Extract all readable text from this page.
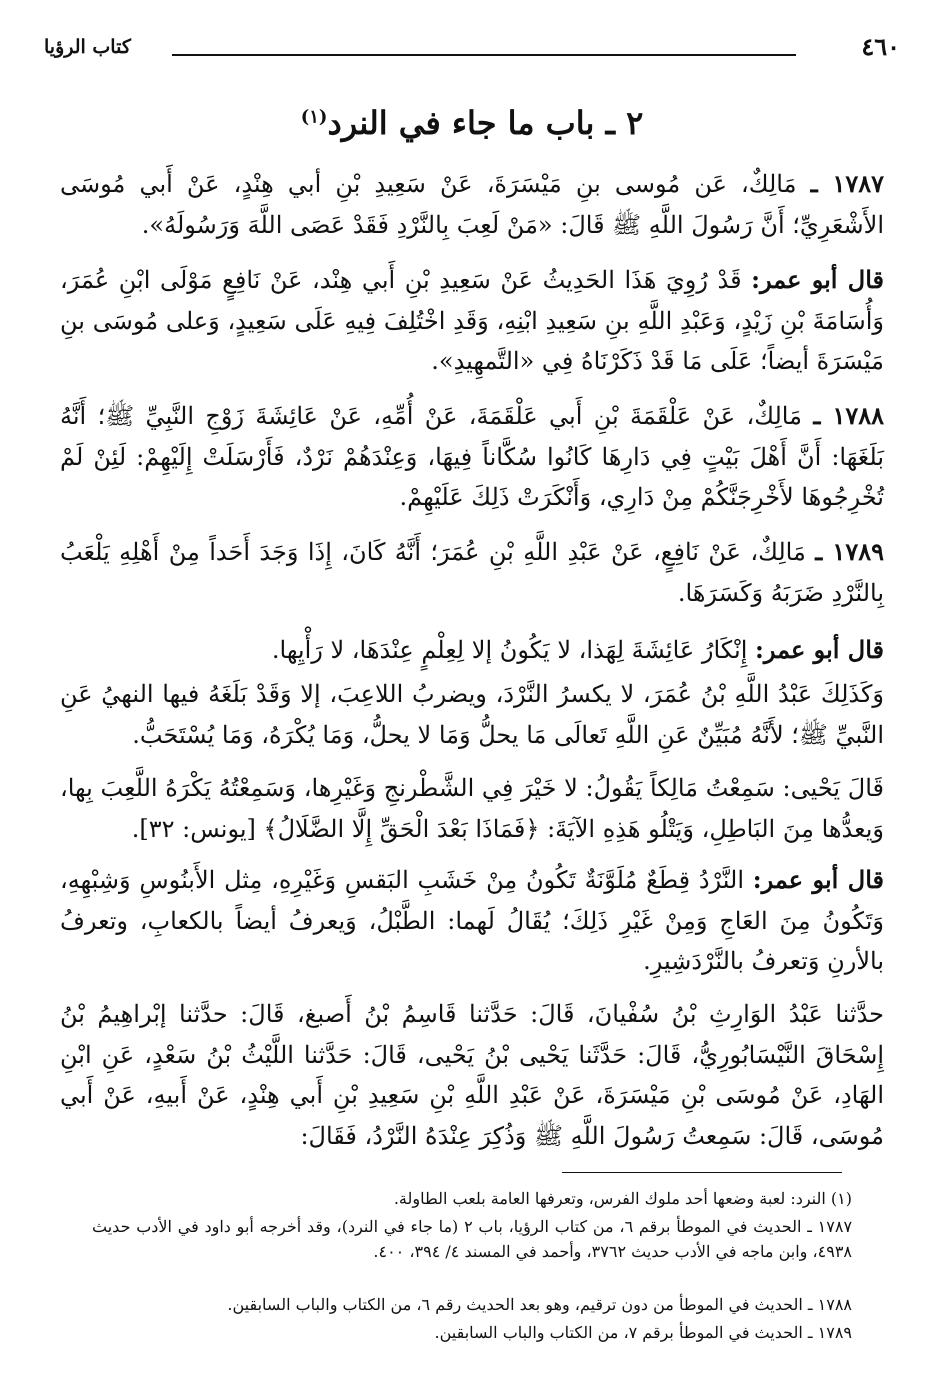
٤٦٠
كتاب الرؤيا
٢ ـ باب ما جاء في النرد$^{(١)}$
١٧٨٧ ـ مَالِكٌ، عَن مُوسى بنِ مَيْسَرَةَ، عَنْ سَعِيدِ بْنِ أبي هِنْدٍ، عَنْ أَبي مُوسَى الأَشْعَرِيِّ؛ أَنَّ رَسُولَ اللَّهِ ﷺ قَالَ: «مَنْ لَعِبَ بِالنَّرْدِ فَقَدْ عَصَى اللَّهَ وَرَسُولَهُ».
قال أبو عمر: قَدْ رُوِيَ هَذَا الحَدِيثُ عَنْ سَعِيدِ بْنِ أَبي هِنْد، عَنْ نَافِعٍ مَوْلَى ابْنِ عُمَرَ، وَأُسَامَةَ بْنِ زَيْدٍ، وَعَبْدِ اللَّهِ بنِ سَعِيدِ ابْنِهِ، وَقَدِ اخْتُلِفَ فِيهِ عَلَى سَعِيدٍ، وَعلى مُوسَى بنِ مَيْسَرَةَ أيضاً؛ عَلَى مَا قَدْ ذَكَرْنَاهُ فِي «التَّمهِيدِ».
١٧٨٨ ـ مَالِكٌ، عَنْ عَلْقَمَةَ بْنِ أَبي عَلْقَمَةَ، عَنْ أُمِّهِ، عَنْ عَائِشَةَ زَوْجِ النَّبِيِّ ﷺ؛ أَنَّهُ بَلَغَهَا: أَنَّ أَهْلَ بَيْتٍ فِي دَارِهَا كَانُوا سُكَّاناً فِيهَا، وَعِنْدَهُمْ نَرْدٌ، فَأَرْسَلَتْ إِلَيْهِمْ: لَئِنْ لَمْ تُخْرِجُوهَا لأَخْرِجَنَّكُمْ مِنْ دَارِي، وَأَنْكَرَتْ ذَلِكَ عَلَيْهِمْ.
١٧٨٩ ـ مَالِكٌ، عَنْ نَافِعٍ، عَنْ عَبْدِ اللَّهِ بْنِ عُمَرَ؛ أَنَّهُ كَانَ، إِذَا وَجَدَ أَحَداً مِنْ أَهْلِهِ يَلْعَبُ بِالنَّرْدِ ضَرَبَهُ وَكَسَرَهَا.
قال أبو عمر: إِنْكَارُ عَائِشَةَ لِهَذا، لا يَكُونُ إلا لِعِلْمٍ عِنْدَهَا، لا رَأْيِها.
وَكَذَلِكَ عَبْدُ اللَّهِ بْنُ عُمَرَ، لا يكسرُ النَّرْدَ، ويضربُ اللاعِبَ، إلا وَقَدْ بَلَغَهُ فيها النهيُ عَنِ النَّبيِّ ﷺ؛ لأَنَّهُ مُبَيِّنٌ عَنِ اللَّهِ تَعالَى مَا يحلُّ وَمَا لا يحلُّ، وَمَا يُكْرَهُ، وَمَا يُسْتَحَبُّ.
قَالَ يَحْيى: سَمِعْتُ مَالِكاً يَقُولُ: لا خَيْرَ فِي الشَّطْرنجِ وَغَيْرِها، وَسَمِعْتُهُ يَكْرَهُ اللَّعِبَ بِها، وَيعدُّها مِنَ البَاطِلِ، وَيَتْلُو هَذِهِ الآيَةَ: ﴿فَمَاذَا بَعْدَ الْحَقِّ إِلَّا الضَّلَالُ﴾ [يونس: ٣٢].
قال أبو عمر: النَّرْدُ قِطَعٌ مُلَوَّنَةٌ تَكُونُ مِنْ خَشَبِ البَقسِ وَغَيْرِهِ، مِثل الأَبنُوسِ وَشِبْهِهِ، وَتَكُونُ مِنَ العَاجِ وَمِنْ غَيْرِ ذَلِكَ؛ يُقَالُ لَهما: الطَّبْلُ، وَيعرفُ أيضاً بالكعابِ، وتعرفُ بالأرنِ وَتعرفُ بالنَّرْدَشِيرِ.
حدَّثنا عَبْدُ الوَارِثِ بْنُ سُفْيانَ، قَالَ: حَدَّثنا قَاسِمُ بْنُ أَصبغ، قَالَ: حدَّثنا إبْراهِيمُ بْنُ إِسْحَاقَ النَّيْسَابُورِيُّ، قَالَ: حَدَّثَنا يَحْيى بْنُ يَحْيى، قَالَ: حَدَّثنا اللَّيْثُ بْنُ سَعْدٍ، عَنِ ابْنِ الهَادِ، عَنْ مُوسَى بْنِ مَيْسَرَةَ، عَنْ عَبْدِ اللَّهِ بْنِ سَعِيدِ بْنِ أَبي هِنْدٍ، عَنْ أَبيهِ، عَنْ أَبي مُوسَى، قَالَ: سَمِعتُ رَسُولَ اللَّهِ ﷺ وَذُكِرَ عِنْدَهُ النَّرْدُ، فَقَالَ:
(١) النرد: لعبة وضعها أحد ملوك الفرس، وتعرفها العامة بلعب الطاولة.
١٧٨٧ ـ الحديث في الموطأ برقم ٦، من كتاب الرؤيا، باب ٢ (ما جاء في النرد)، وقد أخرجه أبو داود في الأدب حديث ٤٩٣٨، وابن ماجه في الأدب حديث ٣٧٦٢، وأحمد في المسند ٤/ ٣٩٤، ٤٠٠.
١٧٨٨ ـ الحديث في الموطأ من دون ترقيم، وهو بعد الحديث رقم ٦، من الكتاب والباب السابقين.
١٧٨٩ ـ الحديث في الموطأ برقم ٧، من الكتاب والباب السابقين.
